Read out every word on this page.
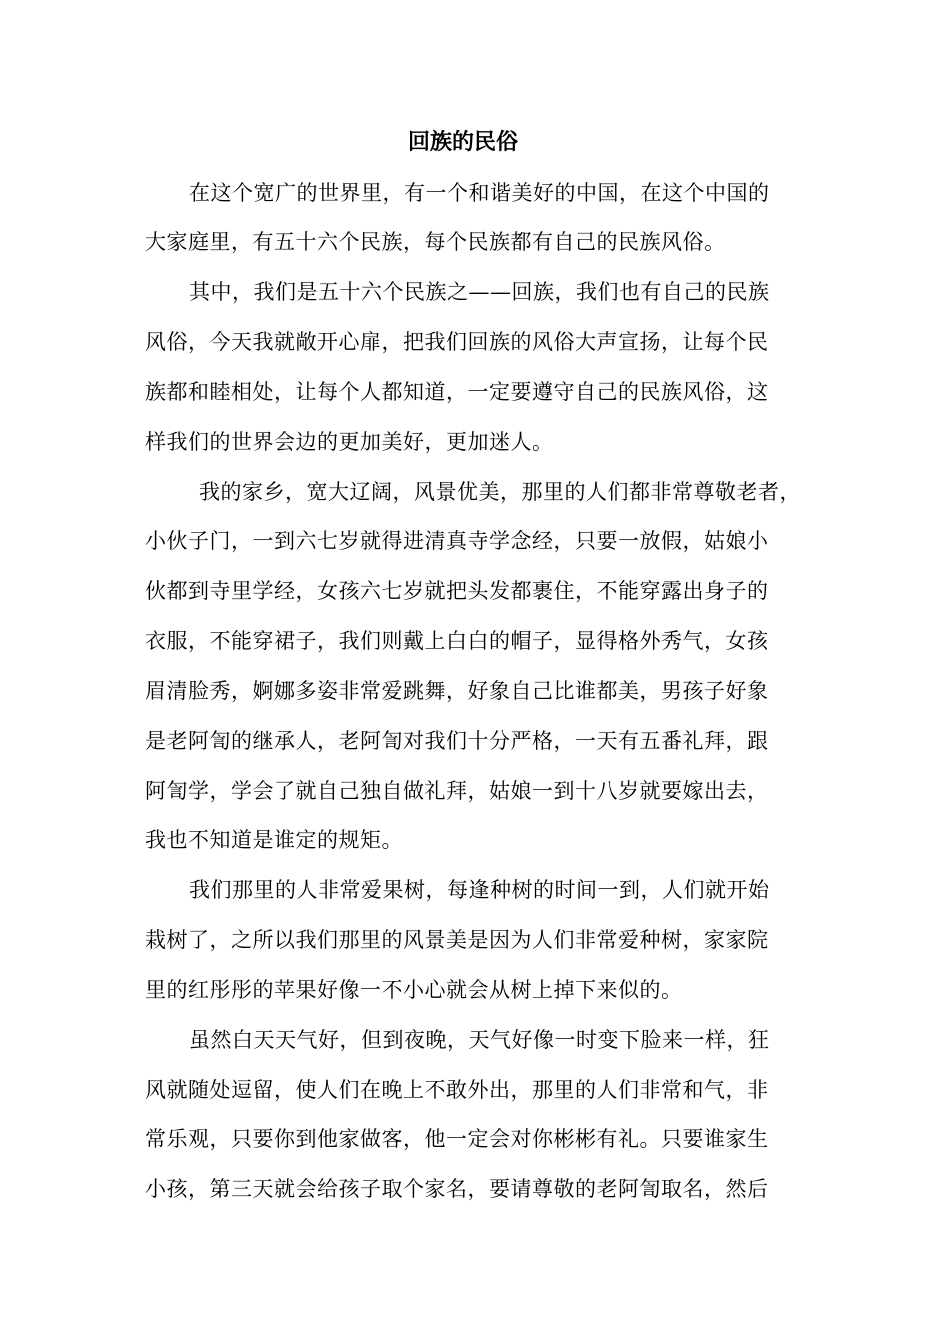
回族的民俗
在这个宽广的世界里，有一个和谐美好的中国，在这个中国的
大家庭里，有五十六个民族，每个民族都有自己的民族风俗。
其中，我们是五十六个民族之——回族，我们也有自己的民族
风俗，今天我就敞开心扉，把我们回族的风俗大声宣扬，让每个民
族都和睦相处，让每个人都知道，一定要遵守自己的民族风俗，这
样我们的世界会边的更加美好，更加迷人。
我的家乡，宽大辽阔，风景优美，那里的人们都非常尊敬老者，
小伙子门，一到六七岁就得进清真寺学念经，只要一放假，姑娘小
伙都到寺里学经，女孩六七岁就把头发都裹住，不能穿露出身子的
衣服，不能穿裙子，我们则戴上白白的帽子，显得格外秀气，女孩
眉清脸秀，婀娜多姿非常爱跳舞，好象自己比谁都美，男孩子好象
是老阿訇的继承人，老阿訇对我们十分严格，一天有五番礼拜，跟
阿訇学，学会了就自己独自做礼拜，姑娘一到十八岁就要嫁出去，
我也不知道是谁定的规矩。
我们那里的人非常爱果树，每逢种树的时间一到，人们就开始
栽树了，之所以我们那里的风景美是因为人们非常爱种树，家家院
里的红彤彤的苹果好像一不小心就会从树上掉下来似的。
虽然白天天气好，但到夜晚，天气好像一时变下脸来一样，狂
风就随处逗留，使人们在晚上不敢外出，那里的人们非常和气，非
常乐观，只要你到他家做客，他一定会对你彬彬有礼。只要谁家生
小孩，第三天就会给孩子取个家名，要请尊敬的老阿訇取名，然后
